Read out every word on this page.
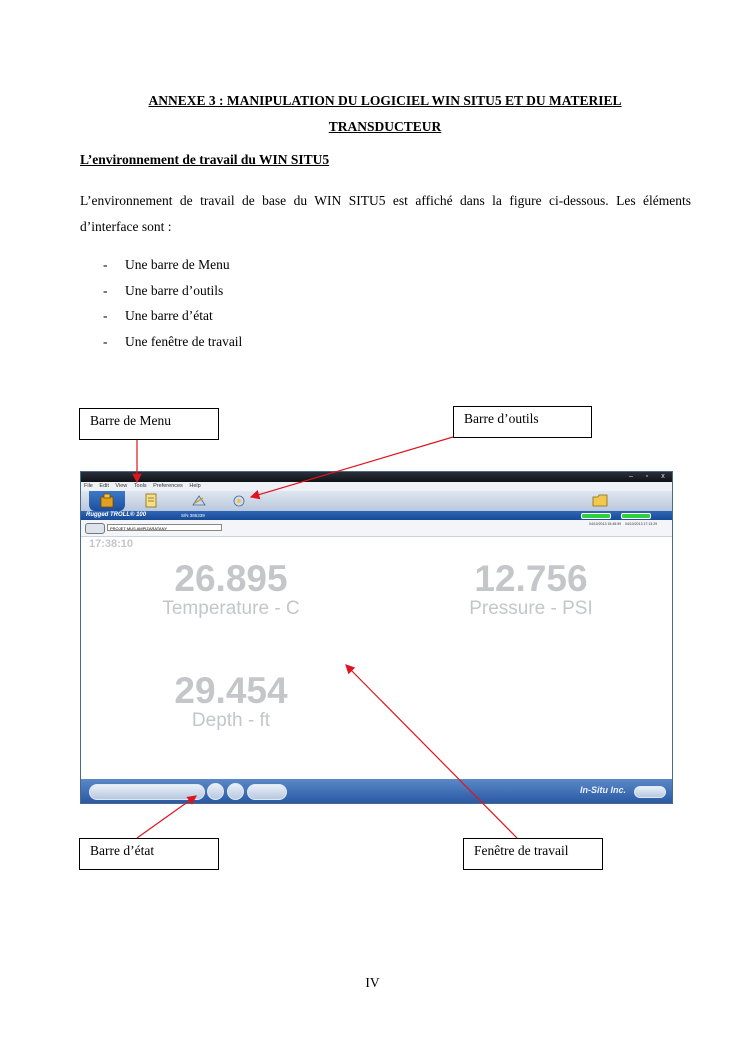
ANNEXE 3 : MANIPULATION DU LOGICIEL WIN SITU5 ET DU MATERIEL
TRANSDUCTEUR
L’environnement de travail du WIN SITU5
L’environnement de travail de base du WIN SITU5 est affiché dans la figure ci-dessous. Les éléments d’interface sont :
- Une barre de Menu
- Une barre d’outils
- Une barre d’état
- Une fenêtre de travail
Barre de Menu	Barre d’outils
Barre d’état	Fenêtre de travail
–	▫	x
File Edit View Tools Preferences Help
Rugged TROLL® 100	S/N 385339
PROJET MUS AMPIZARATANY
04/10/2013 15:45:59 04/10/2013 17:13:29
17:38:10
26.895
Temperature - C
12.756
Pressure - PSI
29.454
Depth - ft
In-Situ Inc.
IV
